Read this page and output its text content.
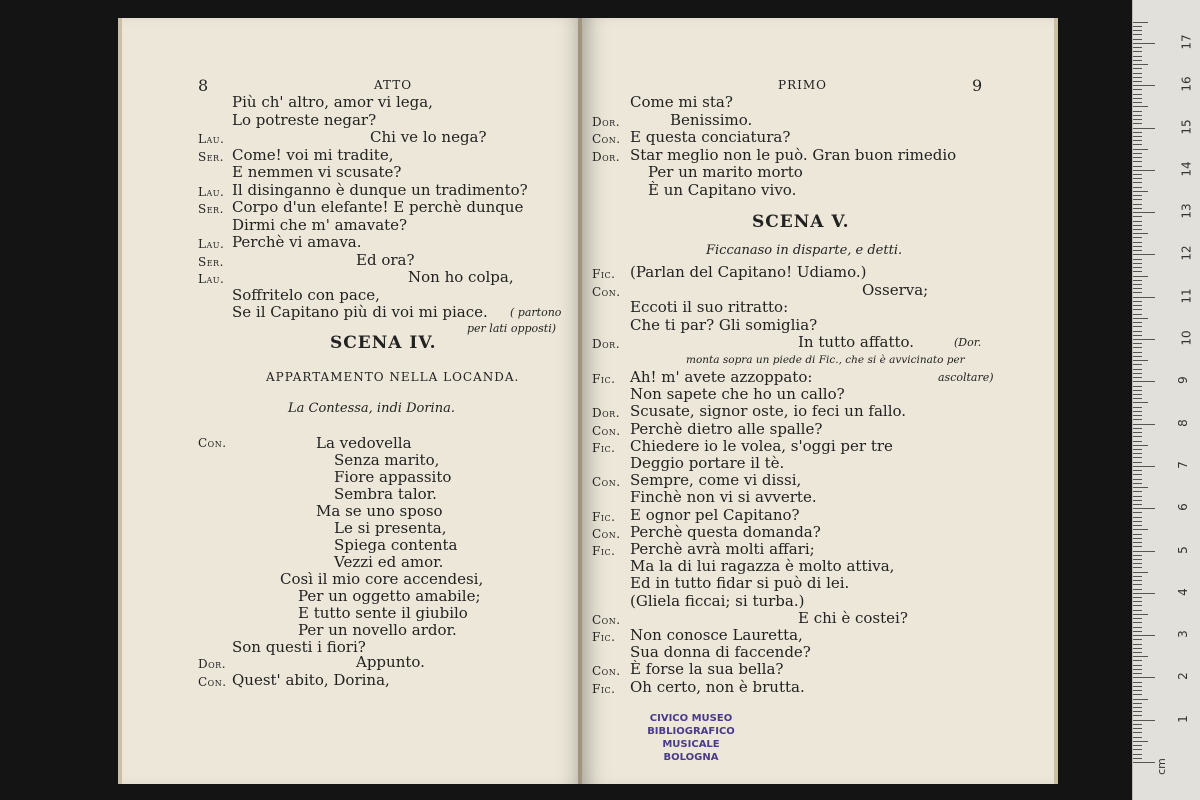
8	ATTO
Più ch' altro, amor vi lega,
Lo potreste negar?
Lau.	Chi ve lo nega?
Ser. Come! voi mi tradite,
E nemmen vi scusate?
Lau. Il disinganno è dunque un tradimento?
Ser. Corpo d'un elefante! E perchè dunque
Dirmi che m' amavate?
Lau. Perchè vi amava.
Ser.	Ed ora?
Lau.	Non ho colpa,
Soffritelo con pace,
Se il Capitano più di voi mi piace. ( partono
per lati opposti)
SCENA IV.
APPARTAMENTO NELLA LOCANDA.
La Contessa, indi Dorina.
Con.	La vedovella
Senza marito,
Fiore appassito
Sembra talor.
Ma se uno sposo
Le si presenta,
Spiega contenta
Vezzi ed amor.
Così il mio core accendesi,
Per un oggetto amabile;
E tutto sente il giubilo
Per un novello ardor.
Son questi i fiori?
Dor.	Appunto.
Con. Quest' abito, Dorina,
PRIMO	9
Come mi sta?
Dor.	Benissimo.
Con. E questa conciatura?
Dor. Star meglio non le può. Gran buon rimedio
Per un marito morto
È un Capitano vivo.
SCENA V.
Ficcanaso in disparte, e detti.
Fic. (Parlan del Capitano! Udiamo.)
Con.	Osserva;
Eccoti il suo ritratto:
Che ti par? Gli somiglia?
Dor.	In tutto affatto.	(Dor.
monta sopra un piede di Fic., che si è avvicinato per
ascoltare)
Fic. Ah! m' avete azzoppato:
Non sapete che ho un callo?
Dor. Scusate, signor oste, io feci un fallo.
Con. Perchè dietro alle spalle?
Fic. Chiedere io le volea, s'oggi per tre
Deggio portare il tè.
Con. Sempre, come vi dissi,
Finchè non vi si avverte.
Fic. E ognor pel Capitano?
Con. Perchè questa domanda?
Fic. Perchè avrà molti affari;
Ma la di lui ragazza è molto attiva,
Ed in tutto fidar si può di lei.
(Gliela ficcai; si turba.)
Con.	E chi è costei?
Fic. Non conosce Lauretta,
Sua donna di faccende?
Con. È forse la sua bella?
Fic. Oh certo, non è brutta.
CIVICO MUSEO
BIBLIOGRAFICO MUSICALE
BOLOGNA
cm
1
2
3
4
5
6
7
8
9
10
11
12
13
14
15
16
17
